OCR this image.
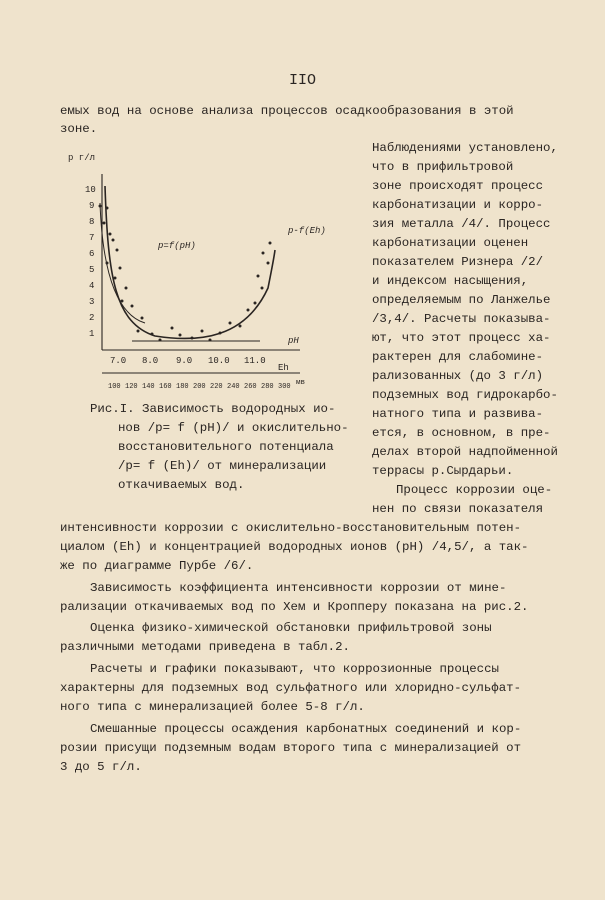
IIO
емых вод на основе анализа процессов осадкообразования в этой
зоне.
Наблюдениями установлено,
что в прифильтровой
зоне происходят процесс
карбонатизации и корро-
зия металла /4/. Процесс
карбонатизации оценен
показателем Ризнера /2/
и индексом насыщения,
определяемым по Ланжелье
/3,4/. Расчеты показыва-
ют, что этот процесс ха-
рактерен для слабомине-
рализованных (до 3 г/л)
подземных вод гидрокарбо-
натного типа и развива-
ется, в основном, в пре-
делах второй надпойменной
террасы р.Сырдарьи.
Процесс коррозии оце-
нен по связи показателя
p г/л
10
9
8
7
6
5
4
3
2
1
7.0 8.0 9.0 10.0 11.0
pH
Eh
мв
p=f(pH)
p-f(Eh)
100 120 140 160 180 200 220 240 260 280 300
Рис.I. Зависимость водородных ио-
нов /p= f (pH)/ и окислительно-
восстановительного потенциала
/p= f (Eh)/ от минерализации
откачиваемых вод.
интенсивности коррозии с окислительно-восстановительным потен-
циалом (Eh) и концентрацией водородных ионов (pH) /4,5/, а так-
же по диаграмме Пурбе /6/.
Зависимость коэффициента интенсивности коррозии от мине-
рализации откачиваемых вод по Хем и Кропперу показана на рис.2.
Оценка физико-химической обстановки прифильтровой зоны
различными методами приведена в табл.2.
Расчеты и графики показывают, что коррозионные процессы
характерны для подземных вод сульфатного или хлоридно-сульфат-
ного типа с минерализацией более 5-8 г/л.
Смешанные процессы осаждения карбонатных соединений и кор-
розии присущи подземным водам второго типа с минерализацией от
3 до 5 г/л.
